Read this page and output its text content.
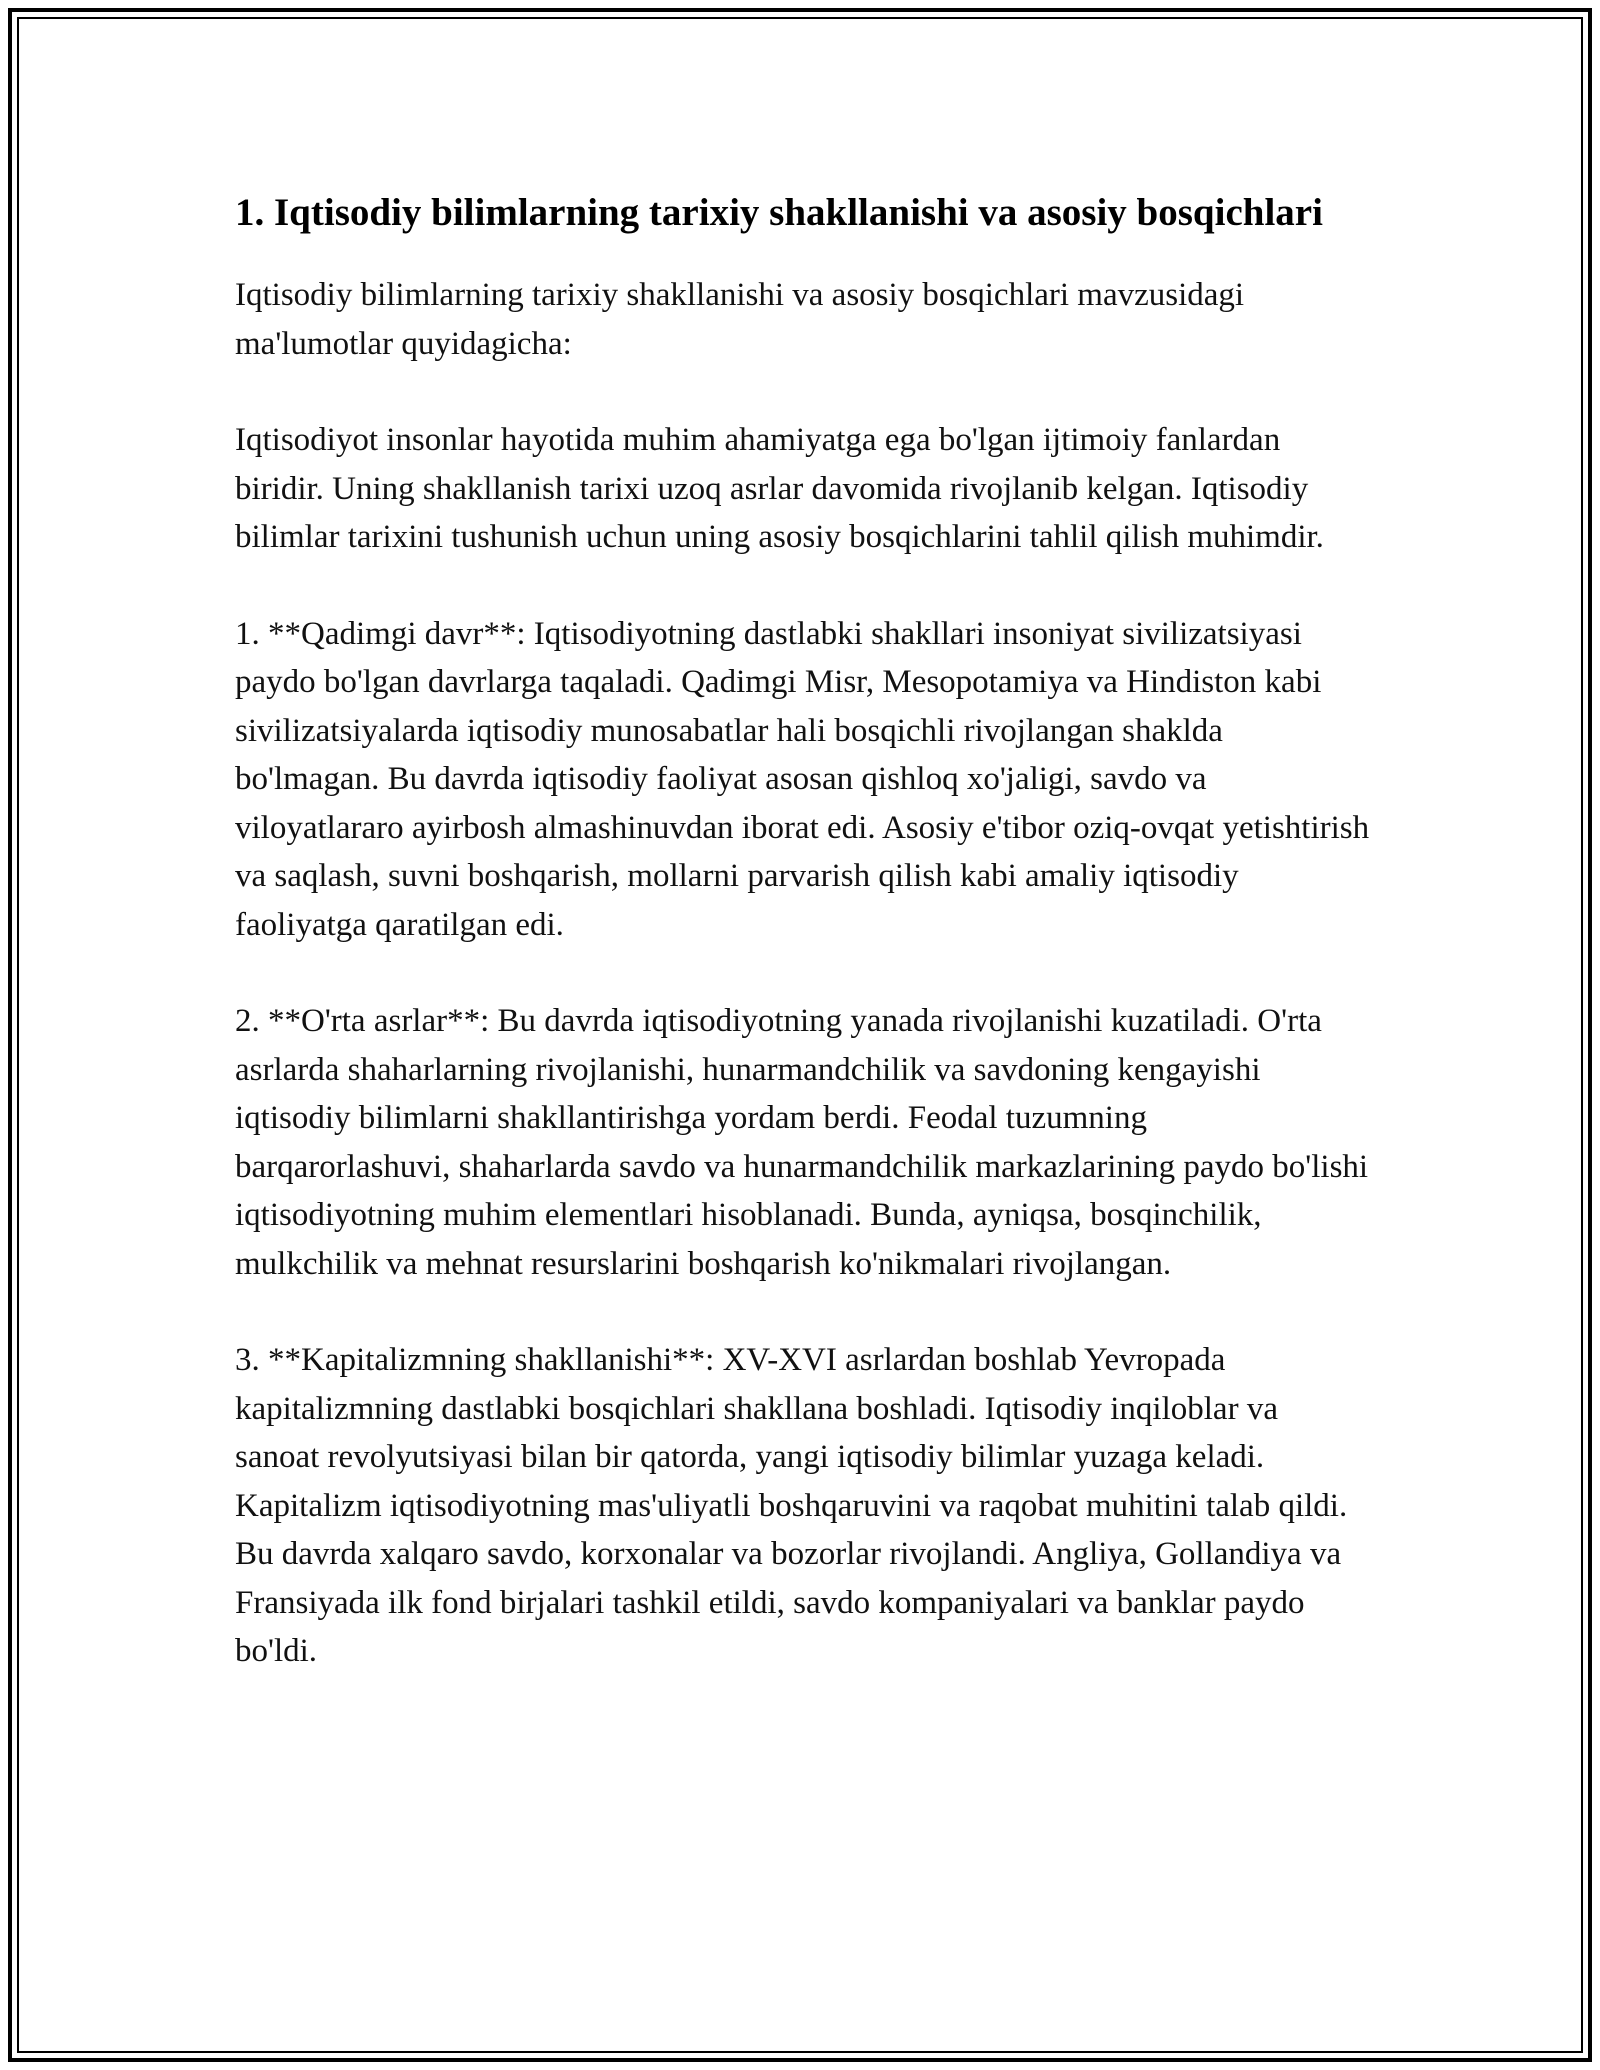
1. Iqtisodiy bilimlarning tarixiy shakllanishi va asosiy bosqichlari

Iqtisodiy bilimlarning tarixiy shakllanishi va asosiy bosqichlari mavzusidagi ma'lumotlar quyidagicha:

Iqtisodiyot insonlar hayotida muhim ahamiyatga ega bo'lgan ijtimoiy fanlardan biridir. Uning shakllanish tarixi uzoq asrlar davomida rivojlanib kelgan. Iqtisodiy bilimlar tarixini tushunish uchun uning asosiy bosqichlarini tahlil qilish muhimdir.

1. **Qadimgi davr**: Iqtisodiyotning dastlabki shakllari insoniyat sivilizatsiyasi paydo bo'lgan davrlarga taqaladi. Qadimgi Misr, Mesopotamiya va Hindiston kabi sivilizatsiyalarda iqtisodiy munosabatlar hali bosqichli rivojlangan shaklda bo'lmagan. Bu davrda iqtisodiy faoliyat asosan qishloq xo'jaligi, savdo va viloyatlararo ayirbosh almashinuvdan iborat edi. Asosiy e'tibor oziq-ovqat yetishtirish va saqlash, suvni boshqarish, mollarni parvarish qilish kabi amaliy iqtisodiy faoliyatga qaratilgan edi.

2. **O'rta asrlar**: Bu davrda iqtisodiyotning yanada rivojlanishi kuzatiladi. O'rta asrlarda shaharlarning rivojlanishi, hunarmandchilik va savdoning kengayishi iqtisodiy bilimlarni shakllantirishga yordam berdi. Feodal tuzumning barqarorlashuvi, shaharlarda savdo va hunarmandchilik markazlarining paydo bo'lishi iqtisodiyotning muhim elementlari hisoblanadi. Bunda, ayniqsa, bosqinchilik, mulkchilik va mehnat resurslarini boshqarish ko'nikmalari rivojlangan.

3. **Kapitalizmning shakllanishi**: XV-XVI asrlardan boshlab Yevropada kapitalizmning dastlabki bosqichlari shakllana boshladi. Iqtisodiy inqiloblar va sanoat revolyutsiyasi bilan bir qatorda, yangi iqtisodiy bilimlar yuzaga keladi. Kapitalizm iqtisodiyotning mas'uliyatli boshqaruvini va raqobat muhitini talab qildi. Bu davrda xalqaro savdo, korxonalar va bozorlar rivojlandi. Angliya, Gollandiya va Fransiyada ilk fond birjalari tashkil etildi, savdo kompaniyalari va banklar paydo bo'ldi.
